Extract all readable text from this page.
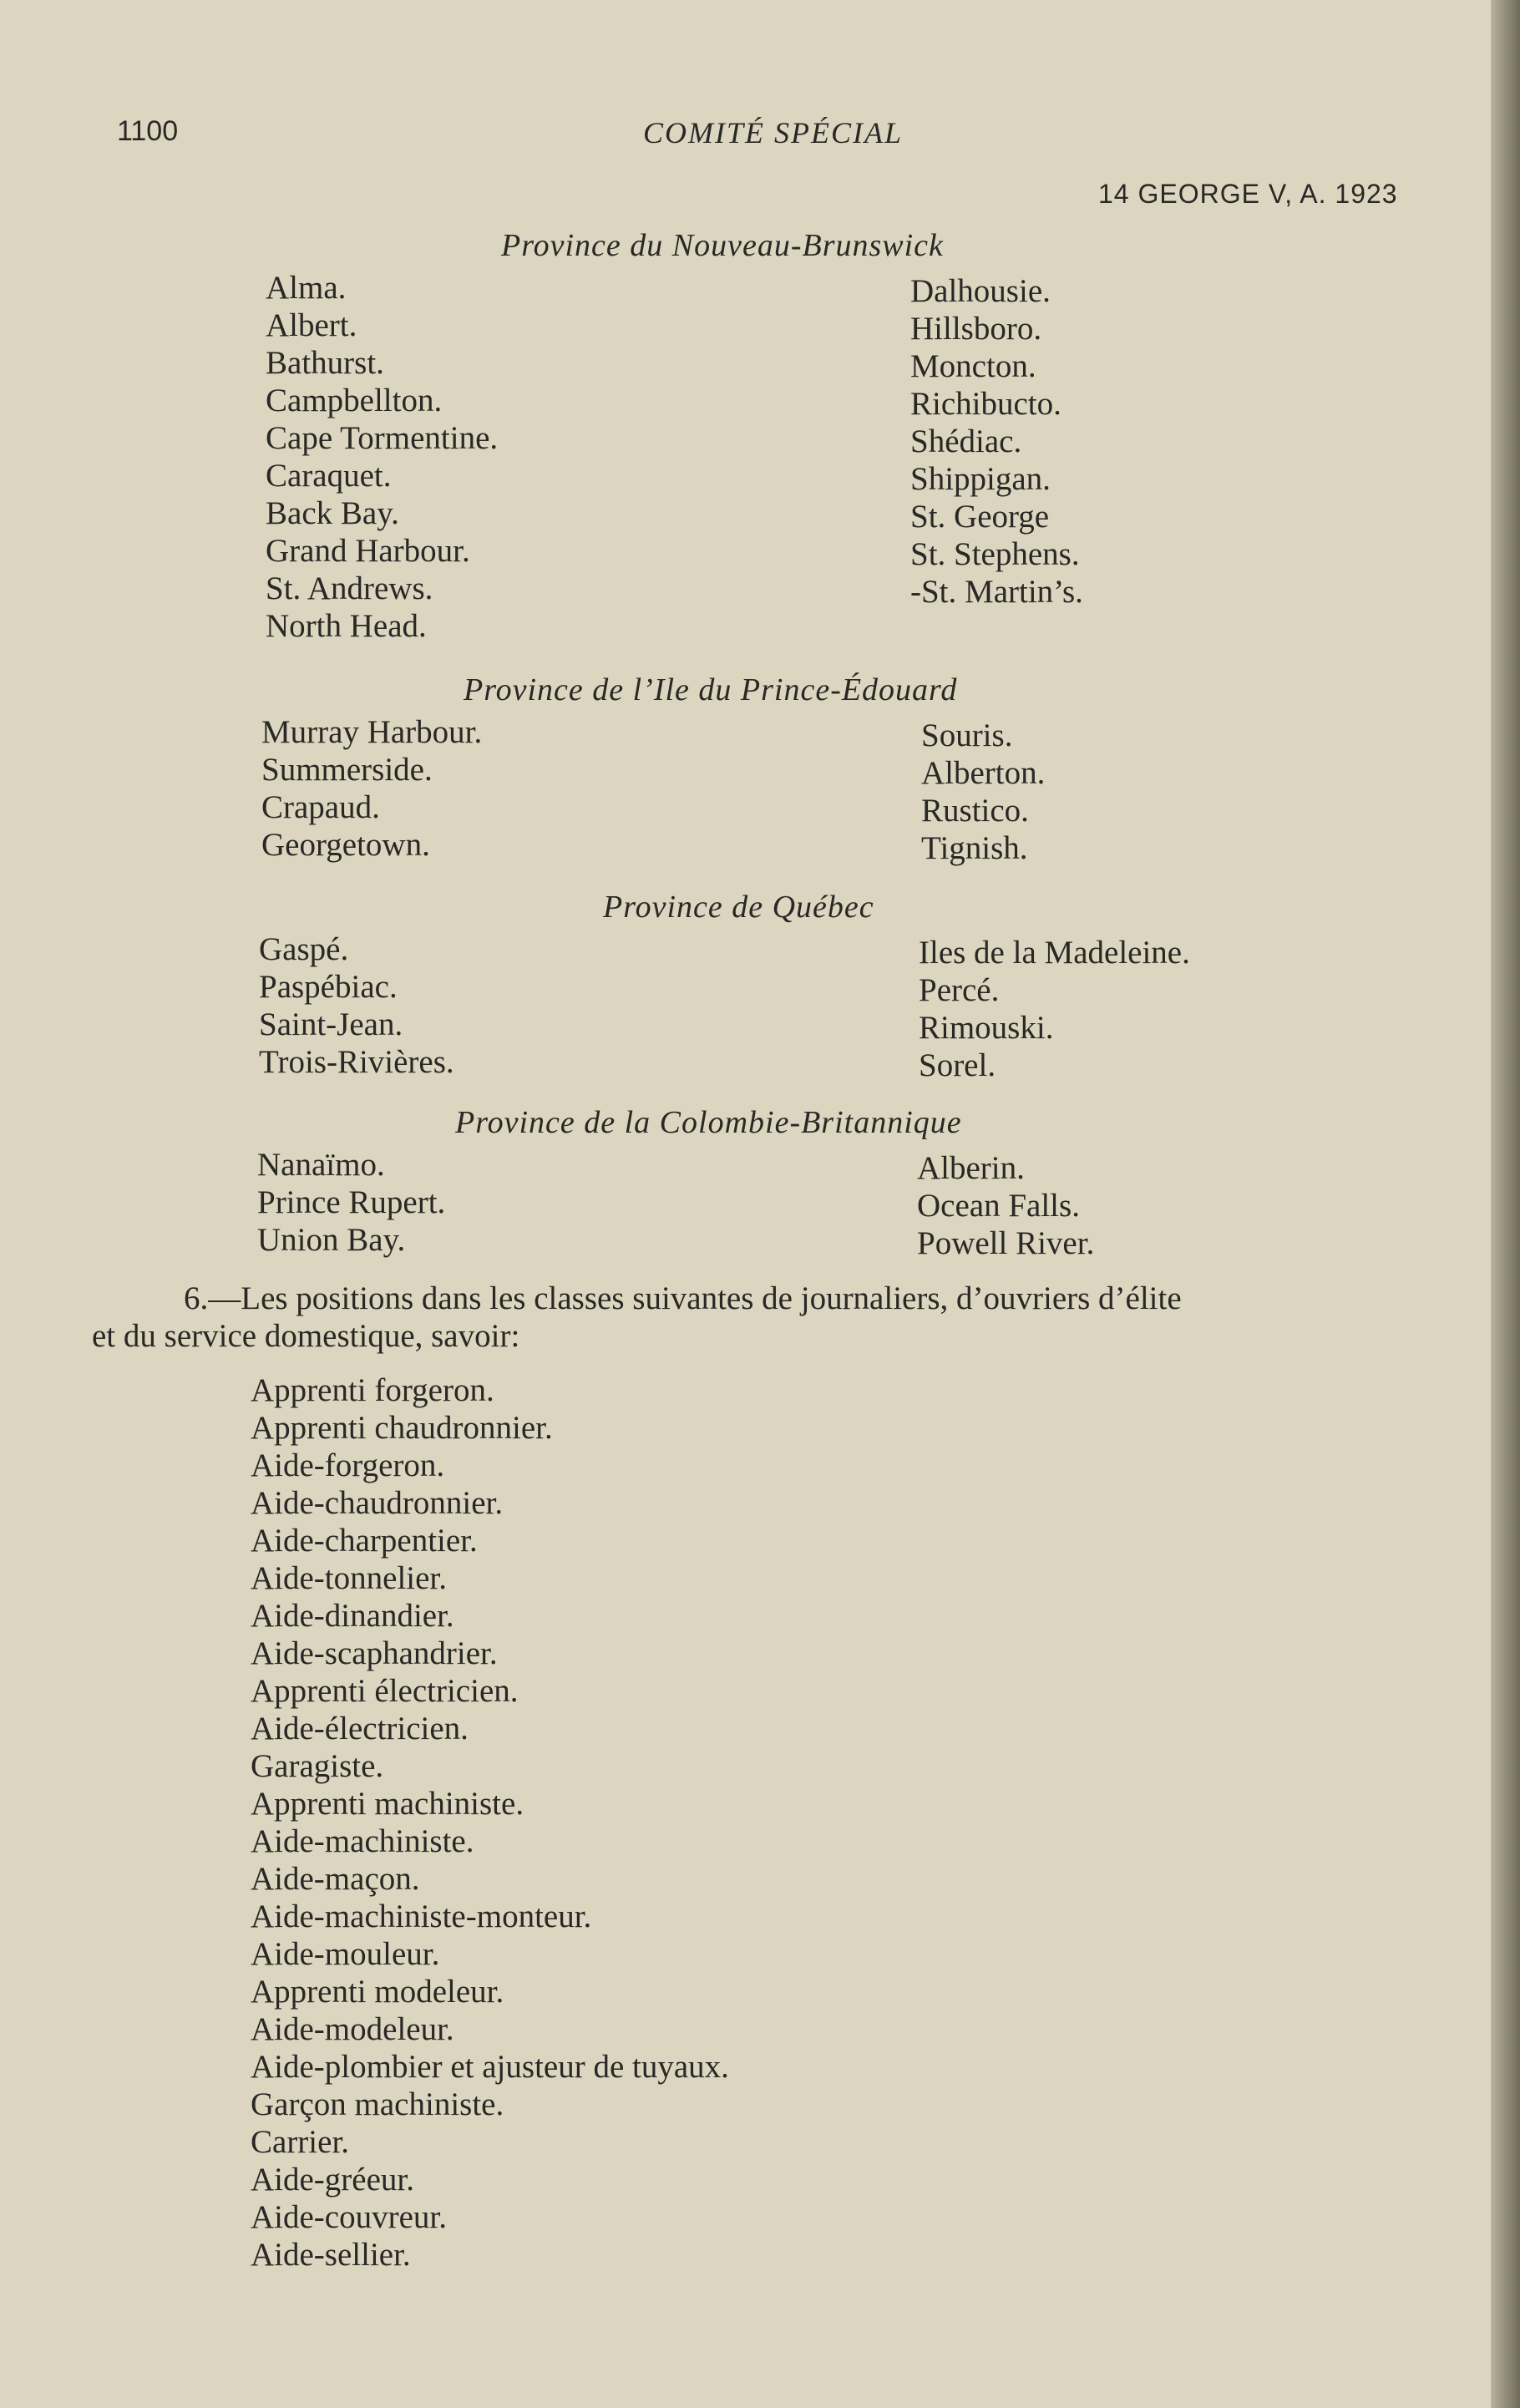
1100	COMITÉ SPÉCIAL
14 GEORGE V, A. 1923
Province du Nouveau-Brunswick
Alma.
Albert.
Bathurst.
Campbellton.
Cape Tormentine.
Caraquet.
Back Bay.
Grand Harbour.
St. Andrews.
North Head.
Dalhousie.
Hillsboro.
Moncton.
Richibucto.
Shédiac.
Shippigan.
St. George
St. Stephens.
-St. Martin’s.
Province de l’Ile du Prince-Édouard
Murray Harbour.
Summerside.
Crapaud.
Georgetown.
Souris.
Alberton.
Rustico.
Tignish.
Province de Québec
Gaspé.
Paspébiac.
Saint-Jean.
Trois-Rivières.
Iles de la Madeleine.
Percé.
Rimouski.
Sorel.
Province de la Colombie-Britannique
Nanaïmo.
Prince Rupert.
Union Bay.
Alberin.
Ocean Falls.
Powell River.
6.—Les positions dans les classes suivantes de journaliers, d’ouvriers d’élite
et du service domestique, savoir:
Apprenti forgeron.
Apprenti chaudronnier.
Aide-forgeron.
Aide-chaudronnier.
Aide-charpentier.
Aide-tonnelier.
Aide-dinandier.
Aide-scaphandrier.
Apprenti électricien.
Aide-électricien.
Garagiste.
Apprenti machiniste.
Aide-machiniste.
Aide-maçon.
Aide-machiniste-monteur.
Aide-mouleur.
Apprenti modeleur.
Aide-modeleur.
Aide-plombier et ajusteur de tuyaux.
Garçon machiniste.
Carrier.
Aide-gréeur.
Aide-couvreur.
Aide-sellier.
